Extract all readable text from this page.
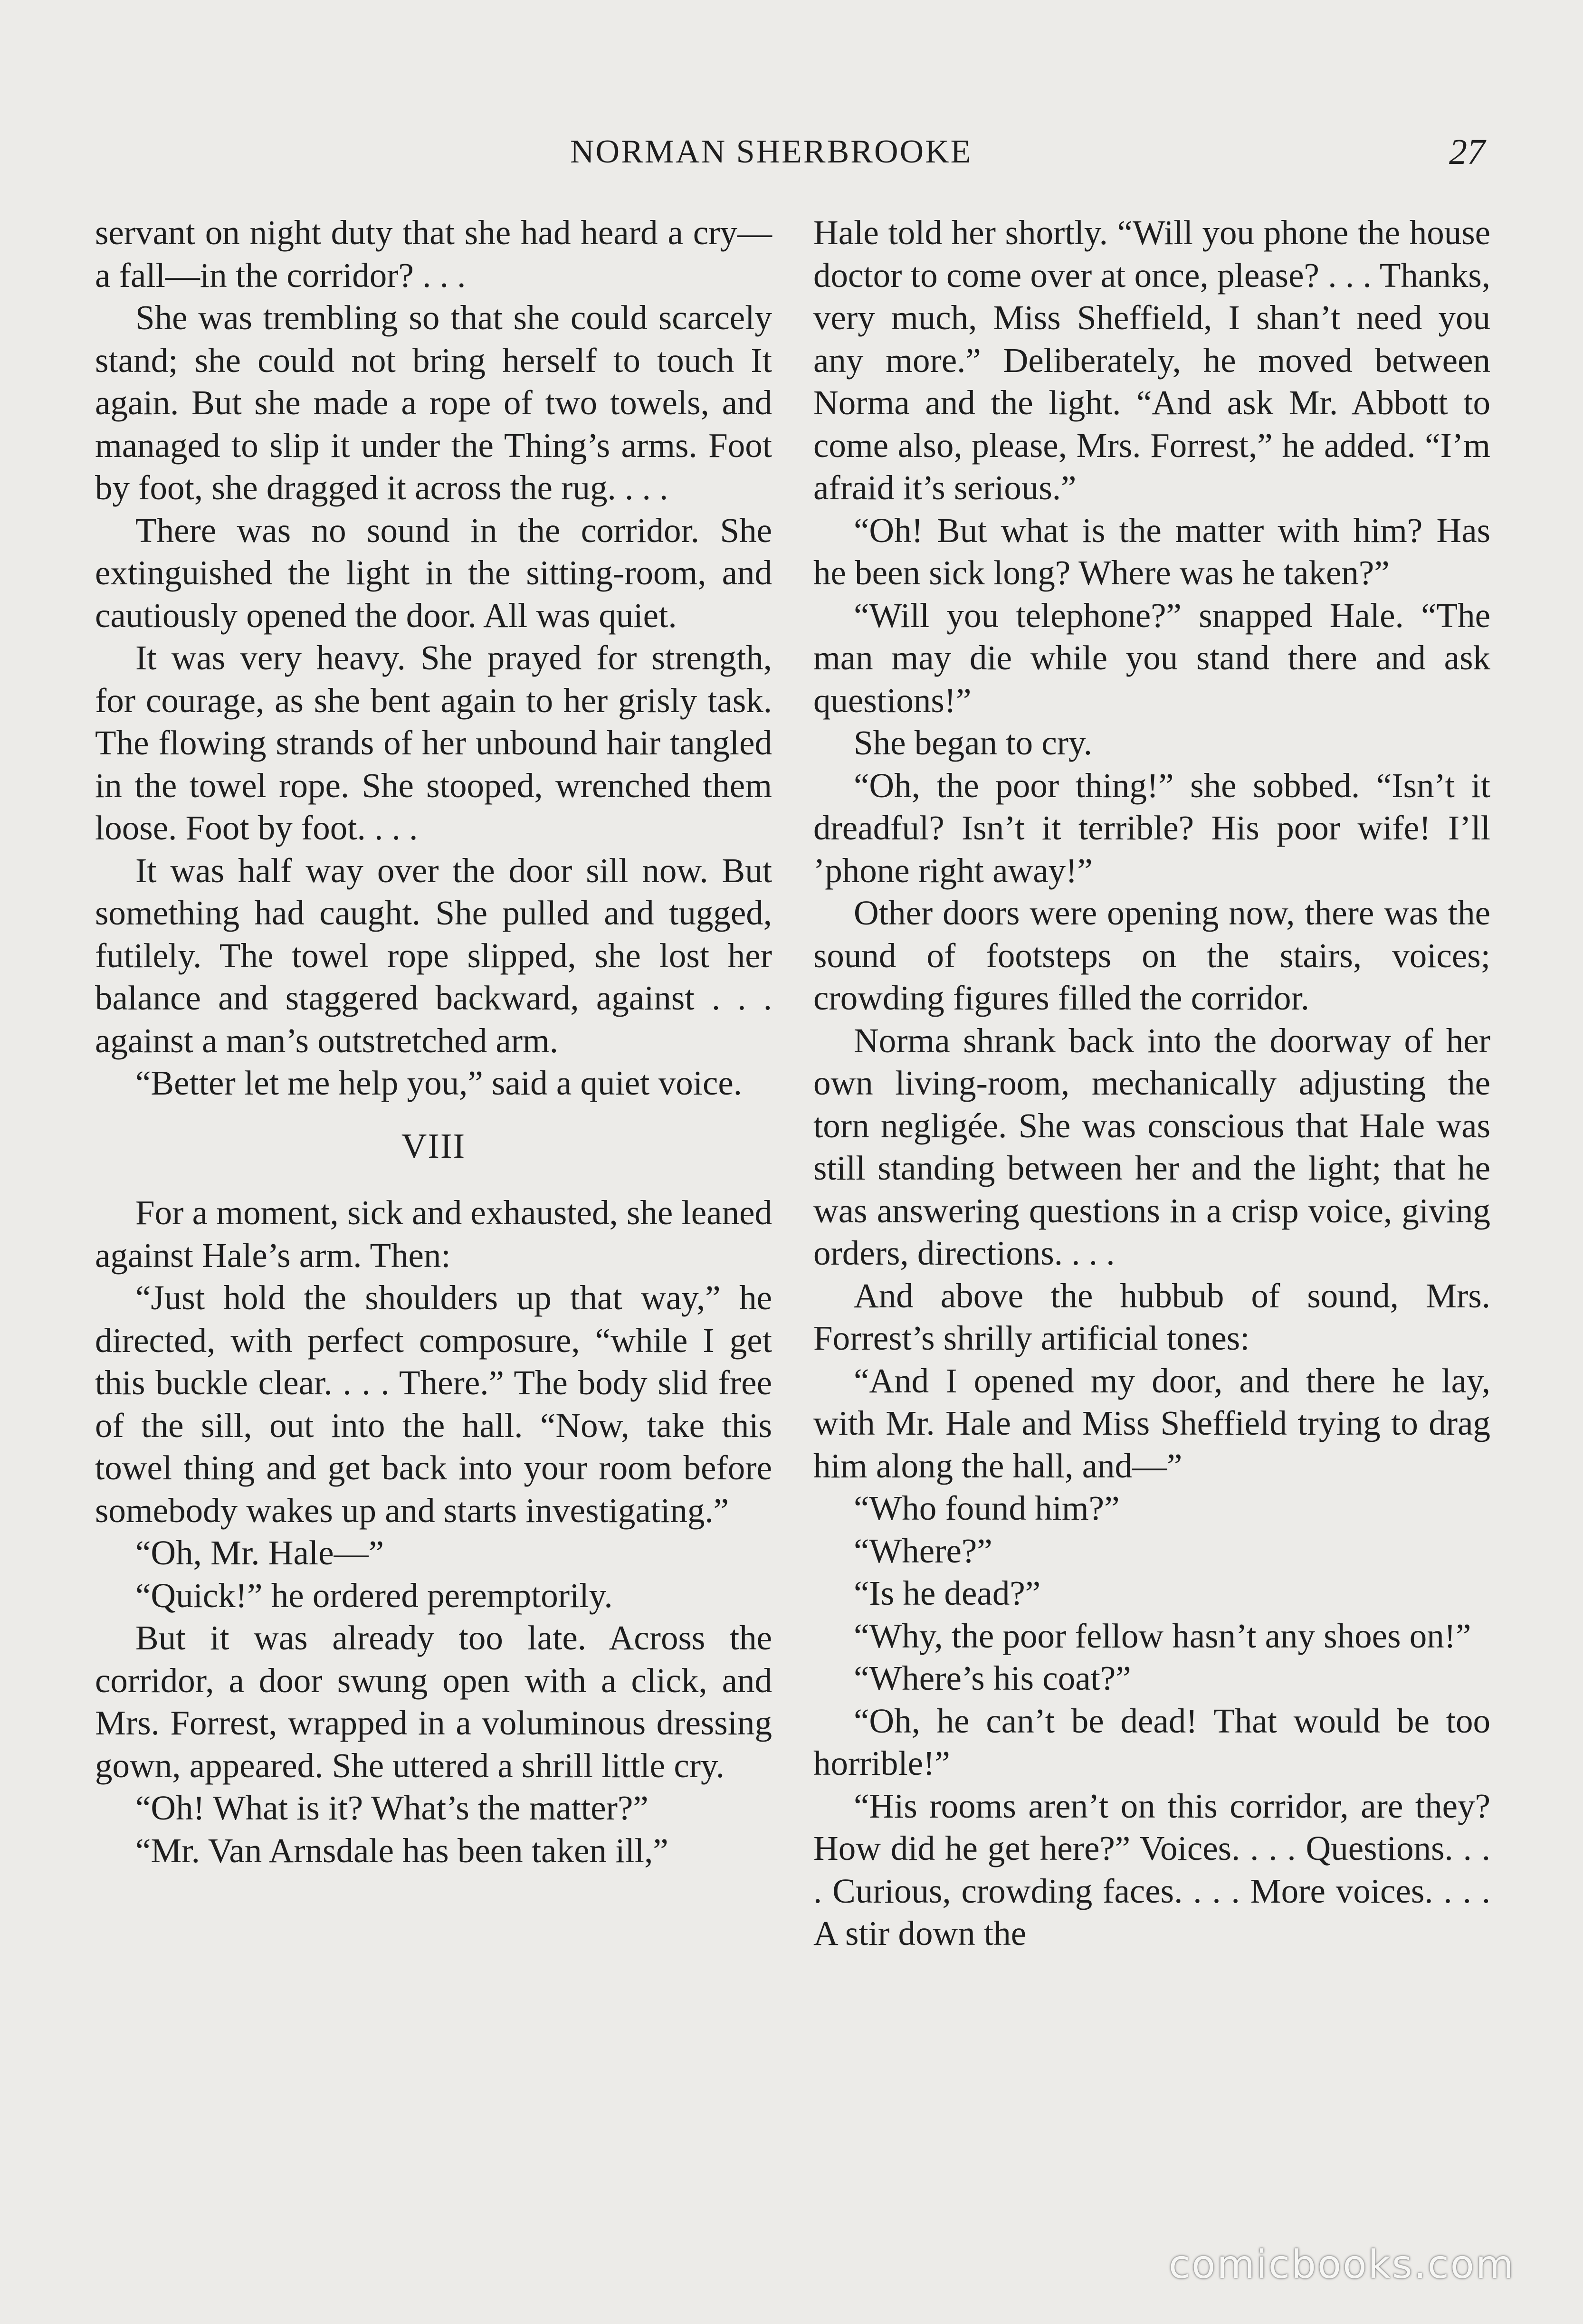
NORMAN SHERBROOKE	27

servant on night duty that she had heard a cry—a fall—in the corridor? . . .

She was trembling so that she could scarcely stand; she could not bring herself to touch It again. But she made a rope of two towels, and managed to slip it under the Thing’s arms. Foot by foot, she dragged it across the rug. . . .

There was no sound in the corridor. She extinguished the light in the sitting-room, and cautiously opened the door. All was quiet.

It was very heavy. She prayed for strength, for courage, as she bent again to her grisly task. The flowing strands of her unbound hair tangled in the towel rope. She stooped, wrenched them loose. Foot by foot. . . .

It was half way over the door sill now. But something had caught. She pulled and tugged, futilely. The towel rope slipped, she lost her balance and staggered backward, against . . . against a man’s outstretched arm.

“Better let me help you,” said a quiet voice.

VIII

For a moment, sick and exhausted, she leaned against Hale’s arm. Then:

“Just hold the shoulders up that way,” he directed, with perfect composure, “while I get this buckle clear. . . . There.” The body slid free of the sill, out into the hall. “Now, take this towel thing and get back into your room before somebody wakes up and starts investigating.”

“Oh, Mr. Hale—”

“Quick!” he ordered peremptorily.

But it was already too late. Across the corridor, a door swung open with a click, and Mrs. Forrest, wrapped in a voluminous dressing gown, appeared. She uttered a shrill little cry.

“Oh! What is it? What’s the matter?”

“Mr. Van Arnsdale has been taken ill,”

Hale told her shortly. “Will you phone the house doctor to come over at once, please? . . . Thanks, very much, Miss Sheffield, I shan’t need you any more.” Deliberately, he moved between Norma and the light. “And ask Mr. Abbott to come also, please, Mrs. Forrest,” he added. “I’m afraid it’s serious.”

“Oh! But what is the matter with him? Has he been sick long? Where was he taken?”

“Will you telephone?” snapped Hale. “The man may die while you stand there and ask questions!”

She began to cry.

“Oh, the poor thing!” she sobbed. “Isn’t it dreadful? Isn’t it terrible? His poor wife! I’ll ’phone right away!”

Other doors were opening now, there was the sound of footsteps on the stairs, voices; crowding figures filled the corridor.

Norma shrank back into the doorway of her own living-room, mechanically adjusting the torn negligée. She was conscious that Hale was still standing between her and the light; that he was answering questions in a crisp voice, giving orders, directions. . . .

And above the hubbub of sound, Mrs. Forrest’s shrilly artificial tones:

“And I opened my door, and there he lay, with Mr. Hale and Miss Sheffield trying to drag him along the hall, and—”

“Who found him?”

“Where?”

“Is he dead?”

“Why, the poor fellow hasn’t any shoes on!”

“Where’s his coat?”

“Oh, he can’t be dead! That would be too horrible!”

“His rooms aren’t on this corridor, are they? How did he get here?” Voices. . . . Questions. . . . Curious, crowding faces. . . . More voices. . . . A stir down the

comicbooks.com
